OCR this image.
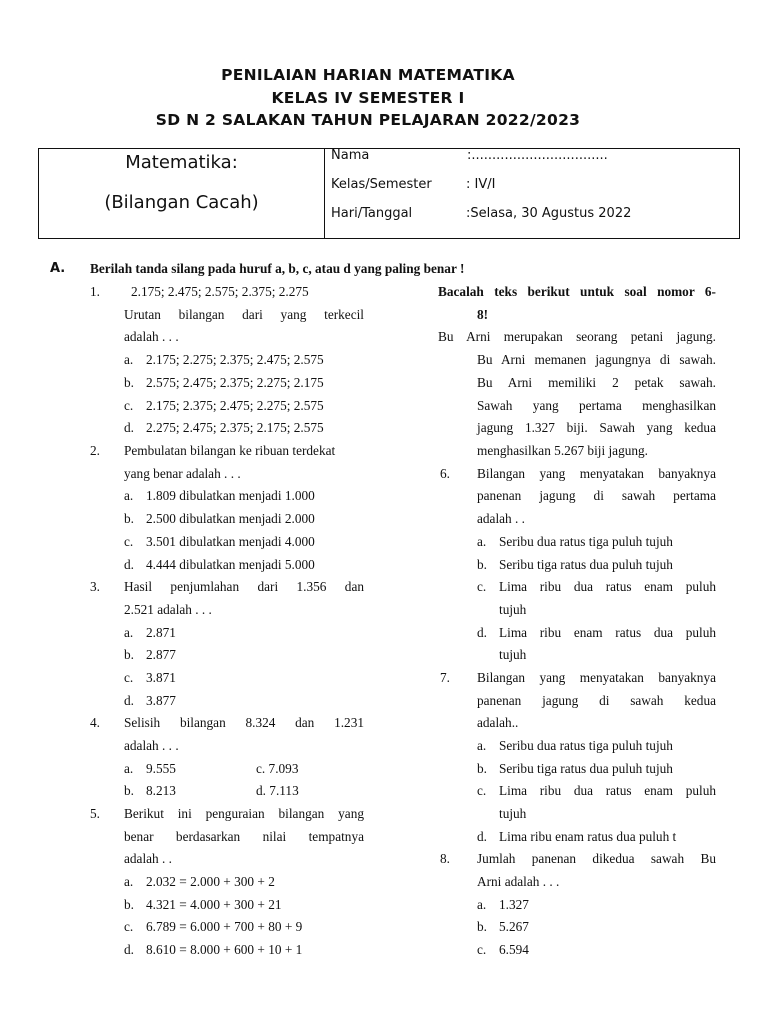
PENILAIAN HARIAN MATEMATIKA
KELAS IV SEMESTER I
SD N 2 SALAKAN TAHUN PELAJARAN 2022/2023
Matematika:
(Bilangan Cacah)
Nama	:.................................
Kelas/Semester	: IV/I
Hari/Tanggal	:Selasa, 30 Agustus 2022
A. Berilah tanda silang pada huruf a, b, c, atau d yang paling benar !
1. 2.175; 2.475; 2.575; 2.375; 2.275
Urutan bilangan dari yang terkecil
adalah . . .
a. 2.175; 2.275; 2.375; 2.475; 2.575
b. 2.575; 2.475; 2.375; 2.275; 2.175
c. 2.175; 2.375; 2.475; 2.275; 2.575
d. 2.275; 2.475; 2.375; 2.175; 2.575
2. Pembulatan bilangan ke ribuan terdekat
yang benar adalah . . .
a. 1.809 dibulatkan menjadi 1.000
b. 2.500 dibulatkan menjadi 2.000
c. 3.501 dibulatkan menjadi 4.000
d. 4.444 dibulatkan menjadi 5.000
3. Hasil penjumlahan dari 1.356 dan
2.521 adalah . . .
a. 2.871
b. 2.877
c. 3.871
d. 3.877
4. Selisih bilangan 8.324 dan 1.231
adalah . . .
a. 9.555	c. 7.093
b. 8.213	d. 7.113
5. Berikut ini penguraian bilangan yang
benar berdasarkan nilai tempatnya
adalah . .
a. 2.032 = 2.000 + 300 + 2
b. 4.321 = 4.000 + 300 + 21
c. 6.789 = 6.000 + 700 + 80 + 9
d. 8.610 = 8.000 + 600 + 10 + 1
Bacalah teks berikut untuk soal nomor 6-
8!
Bu Arni merupakan seorang petani jagung.
Bu Arni memanen jagungnya di sawah.
Bu Arni memiliki 2 petak sawah.
Sawah yang pertama menghasilkan
jagung 1.327 biji. Sawah yang kedua
menghasilkan 5.267 biji jagung.
6. Bilangan yang menyatakan banyaknya
panenan jagung di sawah pertama
adalah . .
a. Seribu dua ratus tiga puluh tujuh
b. Seribu tiga ratus dua puluh tujuh
c. Lima ribu dua ratus enam puluh
tujuh
d. Lima ribu enam ratus dua puluh
tujuh
7. Bilangan yang menyatakan banyaknya
panenan jagung di sawah kedua
adalah..
a. Seribu dua ratus tiga puluh tujuh
b. Seribu tiga ratus dua puluh tujuh
c. Lima ribu dua ratus enam puluh
tujuh
d. Lima ribu enam ratus dua puluh t
8. Jumlah panenan dikedua sawah Bu
Arni adalah . . .
a. 1.327
b. 5.267
c. 6.594
